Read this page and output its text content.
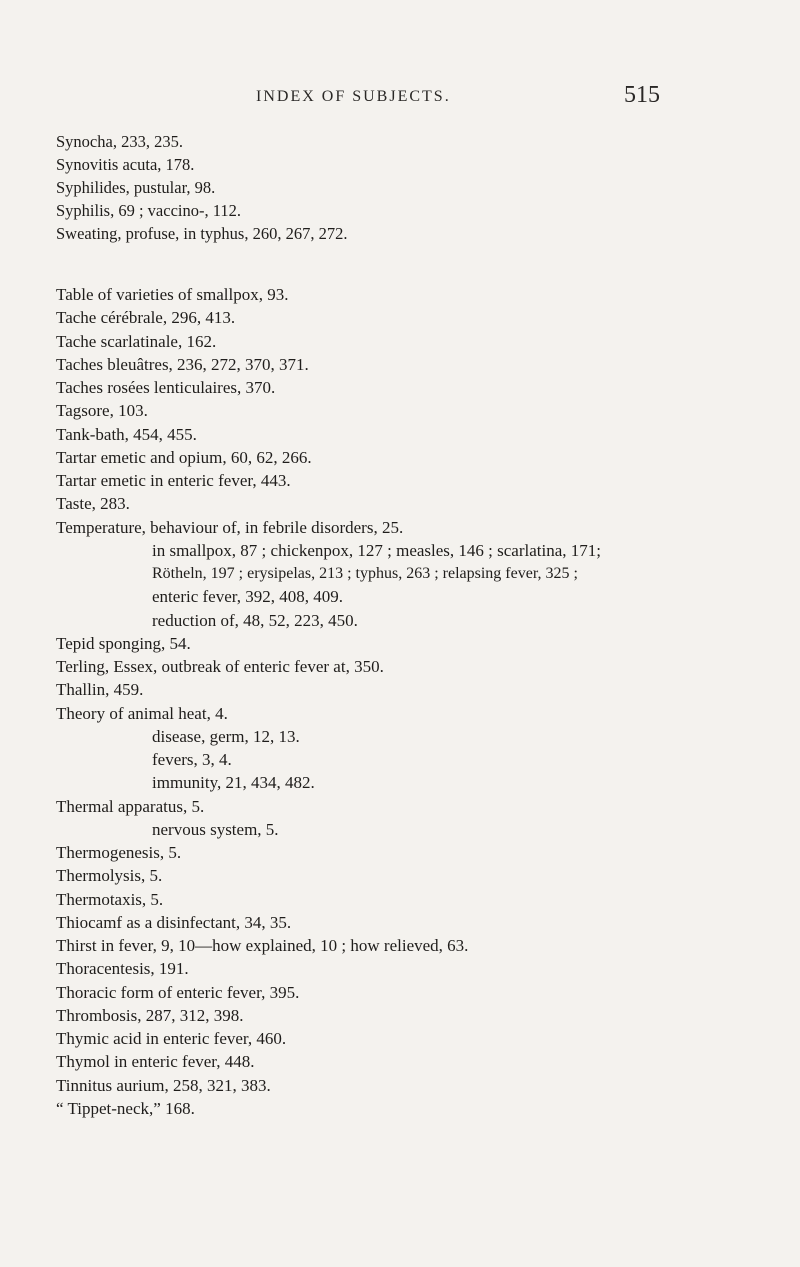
INDEX OF SUBJECTS.	515
Synocha, 233, 235.
Synovitis acuta, 178.
Syphilides, pustular, 98.
Syphilis, 69 ; vaccino-, 112.
Sweating, profuse, in typhus, 260, 267, 272.
Table of varieties of smallpox, 93.
Tache cérébrale, 296, 413.
Tache scarlatinale, 162.
Taches bleuâtres, 236, 272, 370, 371.
Taches rosées lenticulaires, 370.
Tagsore, 103.
Tank-bath, 454, 455.
Tartar emetic and opium, 60, 62, 266.
Tartar emetic in enteric fever, 443.
Taste, 283.
Temperature, behaviour of, in febrile disorders, 25.
in smallpox, 87 ; chickenpox, 127 ; measles, 146 ; scarlatina, 171;
Rötheln, 197 ; erysipelas, 213 ; typhus, 263 ; relapsing fever, 325 ;
enteric fever, 392, 408, 409.
reduction of, 48, 52, 223, 450.
Tepid sponging, 54.
Terling, Essex, outbreak of enteric fever at, 350.
Thallin, 459.
Theory of animal heat, 4.
disease, germ, 12, 13.
fevers, 3, 4.
immunity, 21, 434, 482.
Thermal apparatus, 5.
nervous system, 5.
Thermogenesis, 5.
Thermolysis, 5.
Thermotaxis, 5.
Thiocamf as a disinfectant, 34, 35.
Thirst in fever, 9, 10—how explained, 10 ; how relieved, 63.
Thoracentesis, 191.
Thoracic form of enteric fever, 395.
Thrombosis, 287, 312, 398.
Thymic acid in enteric fever, 460.
Thymol in enteric fever, 448.
Tinnitus aurium, 258, 321, 383.
“ Tippet-neck,” 168.
